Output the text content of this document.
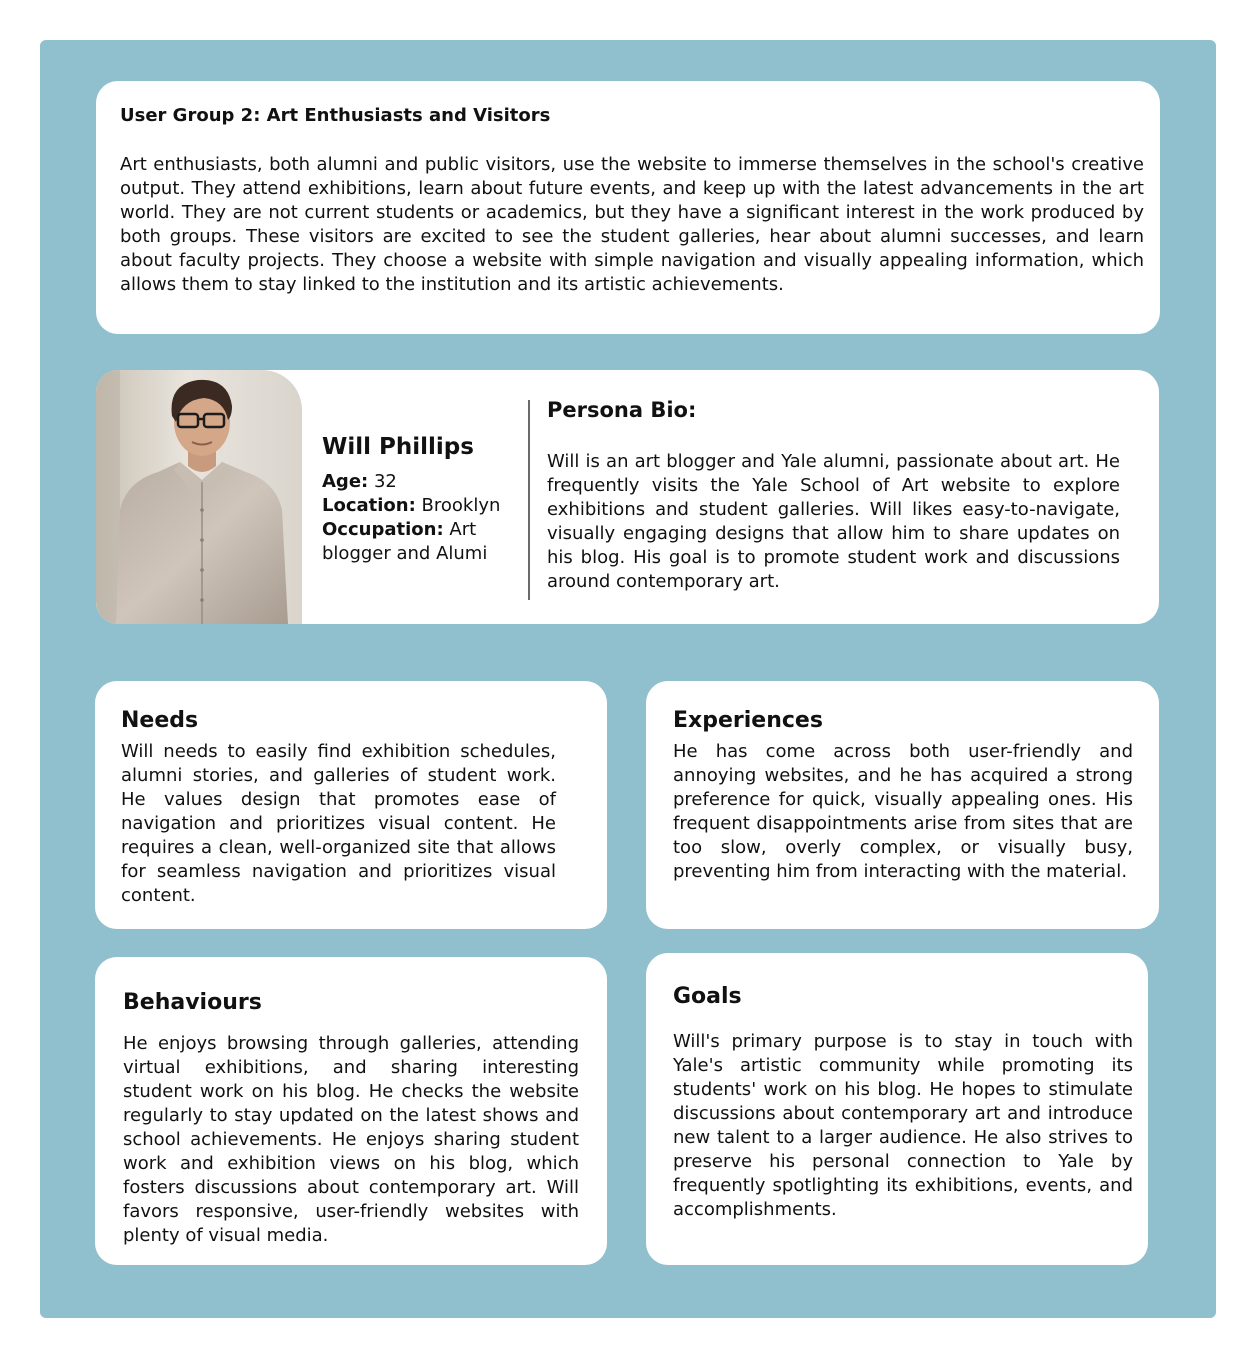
User Group 2: Art Enthusiasts and Visitors

Art enthusiasts, both alumni and public visitors, use the website to immerse themselves in the school's creative output. They attend exhibitions, learn about future events, and keep up with the latest advancements in the art world. They are not current students or academics, but they have a significant interest in the work produced by both groups. These visitors are excited to see the student galleries, hear about alumni successes, and learn about faculty projects. They choose a website with simple navigation and visually appealing information, which allows them to stay linked to the institution and its artistic achievements.

Will Phillips
Age: 32
Location: Brooklyn
Occupation: Art blogger and Alumi
Persona Bio:

Will is an art blogger and Yale alumni, passionate about art. He frequently visits the Yale School of Art website to explore exhibitions and student galleries. Will likes easy-to-navigate, visually engaging designs that allow him to share updates on his blog. His goal is to promote student work and discussions around contemporary art.

Needs

Will needs to easily find exhibition schedules, alumni stories, and galleries of student work. He values design that promotes ease of navigation and prioritizes visual content. He requires a clean, well-organized site that allows for seamless navigation and prioritizes visual content.

Experiences

He has come across both user-friendly and annoying websites, and he has acquired a strong preference for quick, visually appealing ones. His frequent disappointments arise from sites that are too slow, overly complex, or visually busy, preventing him from interacting with the material.

Behaviours

He enjoys browsing through galleries, attending virtual exhibitions, and sharing interesting student work on his blog. He checks the website regularly to stay updated on the latest shows and school achievements. He enjoys sharing student work and exhibition views on his blog, which fosters discussions about contemporary art. Will favors responsive, user-friendly websites with plenty of visual media.

Goals

Will's primary purpose is to stay in touch with Yale's artistic community while promoting its students' work on his blog. He hopes to stimulate discussions about contemporary art and introduce new talent to a larger audience. He also strives to preserve his personal connection to Yale by frequently spotlighting its exhibitions, events, and accomplishments.
